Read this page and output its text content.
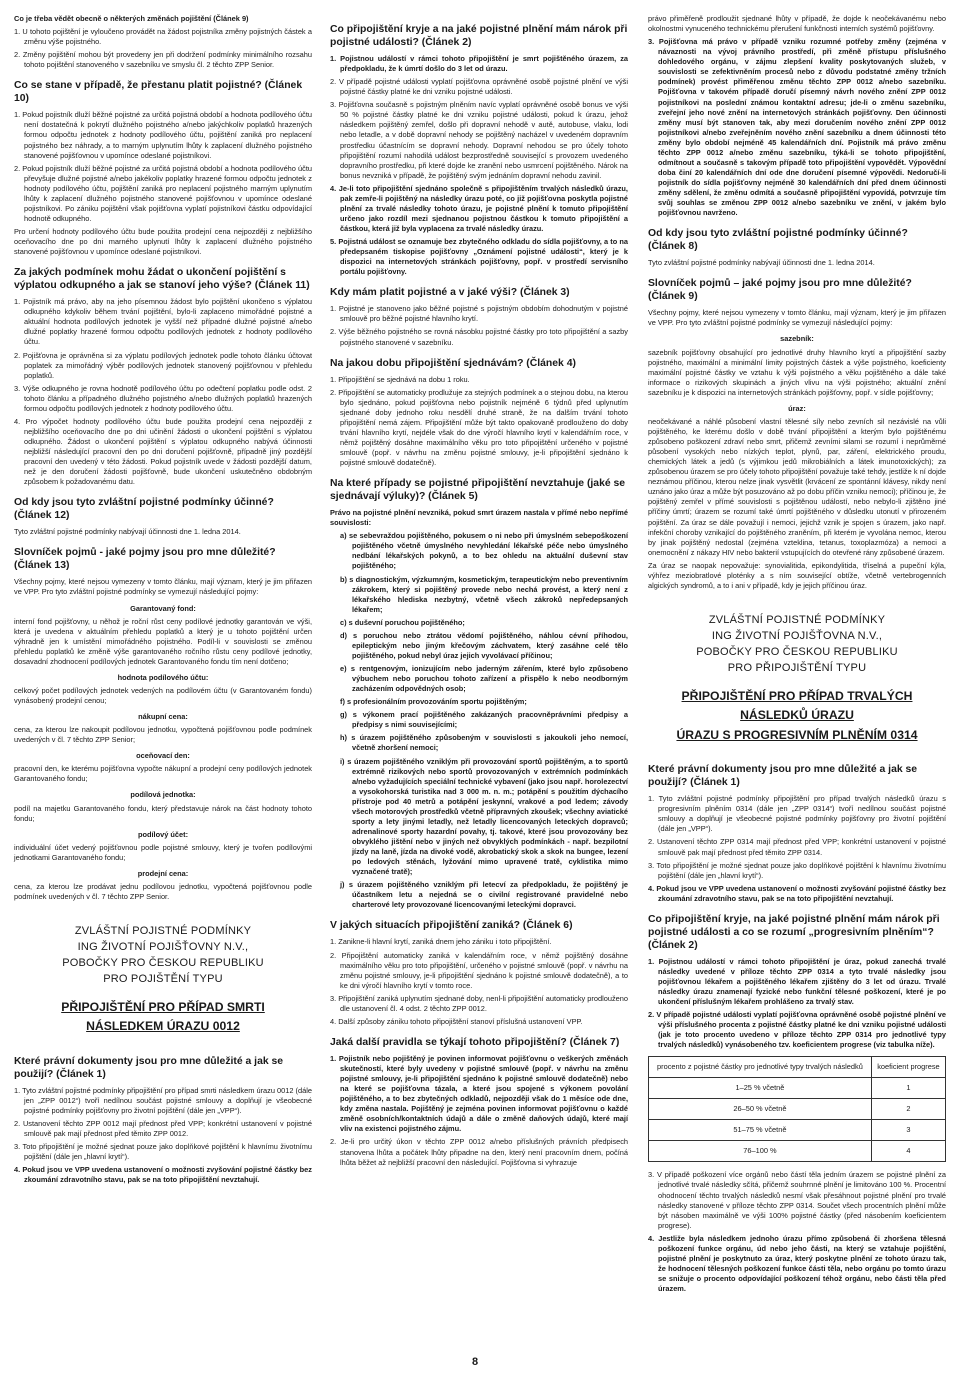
Co je třeba vědět obecně o některých změnách pojištění (Článek 9)

1. U tohoto pojištění je vyloučeno provádět na žádost pojistníka změny pojistných částek a změnu výše pojistného.

2. Změny pojištění mohou být provedeny jen při dodržení podmínky minimálního rozsahu tohoto pojištění stanoveného v sazebníku ve smyslu čl. 2 těchto ZPP Senior.

Co se stane v případě, že přestanu platit pojistné? (Článek 10)

1. Pokud pojistník dluží běžné pojistné za určitá pojistná období a hodnota podílového účtu není dostatečná k pokrytí dlužného pojistného a/nebo jakýchkoliv poplatků hrazených formou odpočtu jednotek z hodnoty podílového účtu, pojištění zaniká pro neplacení pojistného bez náhrady, a to marným uplynutím lhůty k zaplacení dlužného pojistného stanovené pojišťovnou v upomínce odeslané pojistníkovi.

2. Pokud pojistník dluží běžné pojistné za určitá pojistná období a hodnota podílového účtu převyšuje dlužné pojistné a/nebo jakékoliv poplatky hrazené formou odpočtu jednotek z hodnoty podílového účtu, pojištění zaniká pro neplacení pojistného marným uplynutím lhůty k zaplacení dlužného pojistného stanovené pojišťovnou v upomínce odeslané pojistníkovi. Po zániku pojištění však pojišťovna vyplatí pojistníkovi částku odpovídající hodnotě odkupného.

Pro určení hodnoty podílového účtu bude použita prodejní cena nejpozději z nejbližšího oceňovacího dne po dni marného uplynutí lhůty k zaplacení dlužného pojistného stanovené pojišťovnou v upomínce odeslané pojistníkovi.

Za jakých podmínek mohu žádat o ukončení pojištění s výplatou odkupného a jak se stanoví jeho výše? (Článek 11)

1. Pojistník má právo, aby na jeho písemnou žádost bylo pojištění ukončeno s výplatou odkupného kdykoliv během trvání pojištění, bylo-li zaplaceno mimořádné pojistné a aktuální hodnota podílových jednotek je vyšší než případné dlužné pojistné a/nebo dlužné poplatky hrazené formou odpočtu podílových jednotek z hodnoty podílového účtu.

2. Pojišťovna je oprávněna si za výplatu podílových jednotek podle tohoto článku účtovat poplatek za mimořádný výběr podílových jednotek stanovený pojišťovnou v přehledu poplatků.

3. Výše odkupného je rovna hodnotě podílového účtu po odečtení poplatku podle odst. 2 tohoto článku a případného dlužného pojistného a/nebo dlužných poplatků hrazených formou odpočtu podílových jednotek z hodnoty podílového účtu.

4. Pro výpočet hodnoty podílového účtu bude použita prodejní cena nejpozději z nejbližšího oceňovacího dne po dni učinění žádosti o ukončení pojištění s výplatou odkupného. Žádost o ukončení pojištění s výplatou odkupného nabývá účinnosti nejbližší následující pracovní den po dni doručení pojišťovně, případně jiný pozdější pracovní den uvedený v této žádosti. Pokud pojistník uvede v žádosti pozdější datum, než je den doručení žádosti pojišťovně, bude ukončení uskutečněno obdobným způsobem k požadovanému datu.

Od kdy jsou tyto zvláštní pojistné podmínky účinné? (Článek 12)

Tyto zvláštní pojistné podmínky nabývají účinnosti dne 1. ledna 2014.

Slovníček pojmů - jaké pojmy jsou pro mne důležité? (Článek 13)

Všechny pojmy, které nejsou vymezeny v tomto článku, mají význam, který je jim přiřazen ve VPP. Pro tyto zvláštní pojistné podmínky se vymezují následující pojmy:

Garantovaný fond:

interní fond pojišťovny, u něhož je roční růst ceny podílové jednotky garantován ve výši, která je uvedena v aktuálním přehledu poplatků a který je u tohoto pojištění určen výhradně jen k umístění mimořádného pojistného. Podíl-li v souvislosti se změnou přehledu poplatků ke změně výše garantovaného ročního růstu ceny podílové jednotky, dosavadní zhodnocení podílových jednotek Garantovaného fondu tím není dotčeno;

hodnota podílového účtu:

celkový počet podílových jednotek vedených na podílovém účtu (v Garantovaném fondu) vynásobený prodejní cenou;

nákupní cena:

cena, za kterou lze nakoupit podílovou jednotku, vypočtená pojišťovnou podle podmínek uvedených v čl. 7 těchto ZPP Senior;

oceňovací den:

pracovní den, ke kterému pojišťovna vypočte nákupní a prodejní ceny podílových jednotek Garantovaného fondu;

podílová jednotka:

podíl na majetku Garantovaného fondu, který představuje nárok na část hodnoty tohoto fondu;

podílový účet:

individuální účet vedený pojišťovnou podle pojistné smlouvy, který je tvořen podílovými jednotkami Garantovaného fondu;

prodejní cena:

cena, za kterou lze prodávat jednu podílovou jednotku, vypočtená pojišťovnou podle podmínek uvedených v čl. 7 těchto ZPP Senior.

ZVLÁŠTNÍ POJISTNÉ PODMÍNKY
ING ŽIVOTNÍ POJIŠŤOVNY N.V.,
POBOČKY PRO ČESKOU REPUBLIKU
PRO POJIŠTĚNÍ TYPU
PŘIPOJIŠTĚNÍ PRO PŘÍPAD SMRTI
NÁSLEDKEM ÚRAZU 0012
Které právní dokumenty jsou pro mne důležité a jak se použijí? (Článek 1)

1. Tyto zvláštní pojistné podmínky připojištění pro případ smrti následkem úrazu 0012 (dále jen „ZPP 0012“) tvoří nedílnou součást pojistné smlouvy a doplňují je všeobecné pojistné podmínky pojišťovny pro životní pojištění (dále jen „VPP“).

2. Ustanovení těchto ZPP 0012 mají přednost před VPP; konkrétní ustanovení v pojistné smlouvě pak mají přednost před těmito ZPP 0012.

3. Toto připojištění je možné sjednat pouze jako doplňkové pojištění k hlavnímu životnímu pojištění (dále jen „hlavní krytí“).

4. Pokud jsou ve VPP uvedena ustanovení o možnosti zvyšování pojistné částky bez zkoumání zdravotního stavu, pak se na toto připojištění nevztahují.

Co připojištění kryje a na jaké pojistné plnění mám nárok při pojistné události? (Článek 2)

1. Pojistnou událostí v rámci tohoto připojištění je smrt pojištěného úrazem, za předpokladu, že k úmrtí došlo do 3 let od úrazu.

2. V případě pojistné události vyplatí pojišťovna oprávněné osobě pojistné plnění ve výši pojistné částky platné ke dni vzniku pojistné události.

3. Pojišťovna současně s pojistným plněním navíc vyplatí oprávněné osobě bonus ve výši 50 % pojistné částky platné ke dni vzniku pojistné události, pokud k úrazu, jehož následkem pojištěný zemřel, došlo při dopravní nehodě v autě, autobuse, vlaku, lodi nebo letadle, a v době dopravní nehody se pojištěný nacházel v uvedeném dopravním prostředku účastnícím se dopravní nehody. Dopravní nehodou se pro účely tohoto připojištění rozumí nahodilá událost bezprostředně související s provozem uvedeného dopravního prostředku, při které dojde ke zranění nebo usmrcení pojištěného. Nárok na bonus nevzniká v případě, že pojištěný svým jednáním dopravní nehodu zavinil.

4. Je-li toto připojištění sjednáno společně s připojištěním trvalých následků úrazu, pak zemře-li pojištěný na následky úrazu poté, co již pojišťovna poskytla pojistné plnění za trvalé následky tohoto úrazu, je pojistné plnění k tomuto připojištění určeno jako rozdíl mezi sjednanou pojistnou částkou k tomuto připojištění a částkou, která již byla vyplacena za trvalé následky úrazu.

5. Pojistná událost se oznamuje bez zbytečného odkladu do sídla pojišťovny, a to na předepsaném tiskopise pojišťovny „Oznámení pojistné události“, který je k dispozici na internetových stránkách pojišťovny, popř. v prostředí servisního portálu pojišťovny.

Kdy mám platit pojistné a v jaké výši? (Článek 3)

1. Pojistné je stanoveno jako běžné pojistné s pojistným obdobím dohodnutým v pojistné smlouvě pro běžné pojistné hlavního krytí.

2. Výše běžného pojistného se rovná násobku pojistné částky pro toto připojištění a sazby pojistného stanovené v sazebníku.

Na jakou dobu připojištění sjednávám? (Článek 4)

1. Připojištění se sjednává na dobu 1 roku.

2. Připojištění se automaticky prodlužuje za stejných podmínek a o stejnou dobu, na kterou bylo sjednáno, pokud pojišťovna nebo pojistník nejméně 6 týdnů před uplynutím sjednané doby jednoho roku nesdělí druhé straně, že na dalším trvání tohoto připojištění nemá zájem. Připojištění může být takto opakovaně prodlouženo do doby trvání hlavního krytí, nejdéle však do dne výročí hlavního krytí v kalendářním roce, v němž pojištěný dosáhne maximálního věku pro toto připojištění určeného v pojistné smlouvě (popř. v návrhu na změnu pojistné smlouvy, je-li připojištění sjednáno k pojistné smlouvě dodatečně).

Na které případy se pojistné připojištění nevztahuje (jaké se sjednávají výluky)? (Článek 5)

Právo na pojistné plnění nevzniká, pokud smrt úrazem nastala v přímé nebo nepřímé souvislosti:

a) se sebevraždou pojištěného, pokusem o ni nebo při úmyslném sebepoškození pojištěného včetně úmyslného nevyhledání lékařské péče nebo úmyslného nedbání lékařských pokynů, a to bez ohledu na aktuální duševní stav pojištěného;

b) s diagnostickým, výzkumným, kosmetickým, terapeutickým nebo preventivním zákrokem, který si pojištěný provede nebo nechá provést, a který není z lékařského hlediska nezbytný, včetně všech zákroků nepředepsaných lékařem;

c) s duševní poruchou pojištěného;

d) s poruchou nebo ztrátou vědomí pojištěného, náhlou cévní příhodou, epileptickým nebo jiným křečovým záchvatem, který zasáhne celé tělo pojištěného, pokud nebyl úraz jejich vyvolávací příčinou;

e) s rentgenovým, ionizujícím nebo jaderným zářením, které bylo způsobeno výbuchem nebo poruchou tohoto zařízení a přispělo k nebo neodborným zacházením odpovědných osob;

f) s profesionálním provozováním sportu pojištěným;

g) s výkonem prací pojištěného zakázaných pracovněprávními předpisy a předpisy s nimi souvisejícími;

h) s úrazem pojištěného způsobeným v souvislosti s jakoukoli jeho nemocí, včetně zhoršení nemoci;

i) s úrazem pojištěného vzniklým při provozování sportů pojištěným, a to sportů extrémně rizikových nebo sportů provozovaných v extrémních podmínkách a/nebo vyžadujících speciální technické vybavení (jako jsou např. horolezectví a vysokohorská turistika nad 3 000 m. n. m.; potápění s použitím dýchacího přístroje pod 40 metrů a potápění jeskynní, vrakové a pod ledem; závody všech motorových prostředků včetně přípravných zkoušek; všechny aviatické sporty a lety jinými letadly, než letadly licencovaných leteckých dopravců; adrenalinové sporty hazardní povahy, tj. takové, které jsou provozovány bez obvyklého jištění nebo v jiných než obvyklých podmínkách - např. bezpilotní jízdy na laně, jízda na divoké vodě, akrobatický skok a skok na bungee, lezení po ledových stěnách, lyžování mimo upravené tratě, cyklistika mimo vyznačené tratě);

j) s úrazem pojištěného vzniklým při letecví za předpokladu, že pojištěný je účastníkem letu a nejedná se o civilní registrované pravidelné nebo charterové lety provozované licencovanými leteckými dopravci.

V jakých situacích připojištění zaniká? (Článek 6)

1. Zanikne-li hlavní krytí, zaniká dnem jeho zániku i toto připojištění.

2. Připojištění automaticky zaniká v kalendářním roce, v němž pojištěný dosáhne maximálního věku pro toto připojištění, určeného v pojistné smlouvě (popř. v návrhu na změnu pojistné smlouvy, je-li připojištění sjednáno k pojistné smlouvě dodatečně), a to ke dni výročí hlavního krytí v tomto roce.

3. Připojištění zaniká uplynutím sjednané doby, nenl-li připojištění automaticky prodlouženo dle ustanovení čl. 4 odst. 2 těchto ZPP 0012.

4. Další způsoby zániku tohoto připojištění stanoví příslušná ustanovení VPP.

Jaká další pravidla se týkají tohoto připojištění? (Článek 7)

1. Pojistník nebo pojištěný je povinen informovat pojišťovnu o veškerých změnách skutečností, které byly uvedeny v pojistné smlouvě (popř. v návrhu na změnu pojistné smlouvy, je-li připojištění sjednáno k pojistné smlouvě dodatečně) nebo na které se pojišťovna tázala, a které jsou spojené s výkonem povolání pojištěného, a to bez zbytečných odkladů, nejpozději však do 1 měsíce ode dne, kdy změna nastala. Pojištěný je zejména povinen informovat pojišťovnu o každé změně osobních/kontaktních údajů a dále o změně daňových údajů, které mají vliv na existenci pojistného zájmu.

2. Je-li pro určitý úkon v těchto ZPP 0012 a/nebo příslušných právních předpisech stanovena lhůta a počátek lhůty připadne na den, který není pracovním dnem, počíná lhůta běžet až nejbližší pracovní den následující. Pojišťovna si vyhrazuje

právo přiměřeně prodloužit sjednané lhůty v případě, že dojde k neočekávanému nebo okolnostmi vynuceného technickému přerušení funkčnosti interních systémů pojišťovny.

3. Pojišťovna má právo v případě vzniku rozumné potřeby změny (zejména v návaznosti na vývoj právního prostředí, při změně přístupu příslušného dohledového orgánu, v zájmu zlepšení kvality poskytovaných služeb, v souvislosti se zefektivněním procesů nebo z důvodu podstatné změny tržních podmínek) provést přiměřenou změnu těchto ZPP 0012 a/nebo sazebníku. Pojišťovna v takovém případě doručí písemný návrh nového znění ZPP 0012 pojistníkovi na poslední známou kontaktní adresu; jde-li o změnu sazebníku, zveřejní jeho nové znění na internetových stránkách pojišťovny. Den účinnosti změny musí být stanoven tak, aby mezi doručením nového znění ZPP 0012 pojistníkovi a/nebo zveřejněním nového znění sazebníku a dnem účinnosti této změny bylo období nejméně 45 kalendářních dní. Pojistník má právo změnu těchto ZPP 0012 a/nebo změnu sazebníku, týká-li se tohoto připojištění, odmítnout a současně s takovým případě toto připojištění vypovědět. Výpovědní doba činí 20 kalendářních dní ode dne doručení písemné výpovědi. Nedoručí-li pojistník do sídla pojišťovny nejméně 30 kalendářních dní před dnem účinnosti změny sdělení, že změnu odmítá a současně připojištění vypovídá, potvrzuje tím svůj souhlas se změnou ZPP 0012 a/nebo sazebníku ve znění, v jakém bylo pojišťovnou navrženo.

Od kdy jsou tyto zvláštní pojistné podmínky účinné? (Článek 8)

Tyto zvláštní pojistné podmínky nabývají účinnosti dne 1. ledna 2014.

Slovníček pojmů – jaké pojmy jsou pro mne důležité? (Článek 9)

Všechny pojmy, které nejsou vymezeny v tomto článku, mají význam, který je jim přiřazen ve VPP. Pro tyto zvláštní pojistné podmínky se vymezují následující pojmy:

sazebník:

sazebník pojišťovny obsahující pro jednotlivé druhy hlavního krytí a připojištění sazby pojistného, maximální a minimální limity pojistných částek a výše pojistného, koeficienty maximální pojistné částky ve vztahu k výši pojistného a věku pojištěného a dále také informace o rizikových skupinách a jiných vlivu na výši pojistného; aktuální znění sazebníku je k dispozici na internetových stránkách pojišťovny, popř. v sídle pojišťovny;

úraz:

neočekávané a náhlé působení vlastní tělesné síly nebo zevních sil nezávislé na vůli pojištěného, ke kterému došlo v době trvání připojištění a kterým bylo pojištěnému způsobeno poškození zdraví nebo smrt, přičemž zevními silami se rozumí i neprůměrné působení vysokých nebo nízkých teplot, plynů, par, záření, elektrického proudu, chemických látek a jedů (s výjimkou jedů mikrobiálních a látek imunotoxických); za způsobenou úrazem se pro účely tohoto připojištění považuje také tehdy, jestliže k ní dojde neznámou příčinou, kterou nelze jinak vysvětlit (krvácení ze spontánní klávesy, nikdy není uznáno jako úraz a může být posuzováno až po dobu příčin vzniku nemoci); příčinou je, že pojištěný zemřel v přímé souvislosti s pojištěnou událostí, nebo nebylo-li zjištěno jiné příčiny úmrtí; úrazem se rozumí také úmrtí pojištěného v důsledku utonutí v přirozeném pojištění. Za úraz se dále považují i nemoci, jejichž vznik je spojen s úrazem, jako např. infekční choroby vznikající do pojištěného zraněním, při kterém je vyvolána nemoc, kterou by jinak pojištěný nedostal (zejména vzteklina, tetanus, toxoplazmóza) a nemoci a onemocnění z nákazy HIV nebo bakterií vstupujících do otevřené rány způsobené úrazem.

Za úraz se naopak nepovažuje: synovialitida, epikondylitida, tříselná a pupeční kýla, výhřez meziobratlové ploténky a s ním související obtíže, včetně vertebrogenních algických syndromů, a to i ani v případě, kdy je jejich příčinou úraz.

ZVLÁŠTNÍ POJISTNÉ PODMÍNKY
ING ŽIVOTNÍ POJIŠŤOVNA N.V.,
POBOČKY PRO ČESKOU REPUBLIKU
PRO PŘIPOJIŠTĚNÍ TYPU
PŘIPOJIŠTĚNÍ PRO PŘÍPAD TRVALÝCH NÁSLEDKŮ ÚRAZU
ÚRAZU S PROGRESIVNÍM PLNĚNÍM 0314
Které právní dokumenty jsou pro mne důležité a jak se použijí? (Článek 1)

1. Tyto zvláštní pojistné podmínky připojištění pro případ trvalých následků úrazu s progresivním plněním 0314 (dále jen „ZPP 0314“) tvoří nedílnou součást pojistné smlouvy a doplňují je všeobecné pojistné podmínky pojišťovny pro životní pojištění (dále jen „VPP“).

2. Ustanovení těchto ZPP 0314 mají přednost před VPP; konkrétní ustanovení v pojistné smlouvě pak mají přednost před těmito ZPP 0314.

3. Toto připojištění je možné sjednat pouze jako doplňkové pojištění k hlavnímu životnímu pojištění (dále jen „hlavní krytí“).

4. Pokud jsou ve VPP uvedena ustanovení o možnosti zvyšování pojistné částky bez zkoumání zdravotního stavu, pak se na toto připojištění nevztahují.

Co připojištění kryje, na jaké pojistné plnění mám nárok při pojistné události a co se rozumí „progresivním plněním“? (Článek 2)

1. Pojistnou událostí v rámci tohoto připojištění je úraz, pokud zanechá trvalé následky uvedené v příloze těchto ZPP 0314 a tyto trvalé následky jsou pojišťovnou lékařem a pojištěného lékařem zjištěny do 3 let od úrazu. Trvalé následky úrazu znamenají fyzické nebo funkční tělesné poškození, které je po ukončení příslušným lékařem prohlášeno za trvalý stav.

2. V případě pojistné události vyplatí pojišťovna oprávněné osobě pojistné plnění ve výši příslušného procenta z pojistné částky platné ke dni vzniku pojistné události (jak je toto procento uvedeno v příloze těchto ZPP 0314 pro jednotlivé typy trvalých následků) vynásobeného tzv. koeficientem progrese (viz tabulka níže).

procento z pojistné částky pro jednotlivé typy trvalých následků	koeficient progrese
1–25 % včetně	1
26–50 % včetně	2
51–75 % včetně	3
76–100 %	4

3. V případě poškození více orgánů nebo částí těla jedním úrazem se pojistné plnění za jednotlivé trvalé následky sčítá, přičemž souhrnné plnění je limitováno 100 %. Procentní ohodnocení těchto trvalých následků nesmí však přesáhnout pojistné plnění pro trvalé následky stanovené v příloze těchto ZPP 0314. Součet všech procentních plnění může být násoben maximálně ve výši 100% pojistné částky (před násobením koeficientem progrese).

4. Jestliže byla následkem jednoho úrazu přímo způsobená či zhoršena tělesná poškození funkce orgánu, úd nebo jeho části, na který se vztahuje pojištění, pojistné plnění je poskytnuto za úraz, který poskytne plnění ze tohoto úrazu tak, že hodnocení tělesných poškození funkce části těla, nebo orgánu po tomto úrazu se snižuje o procento odpovídající poškození téhož orgánu, nebo části těla před úrazem.

8
